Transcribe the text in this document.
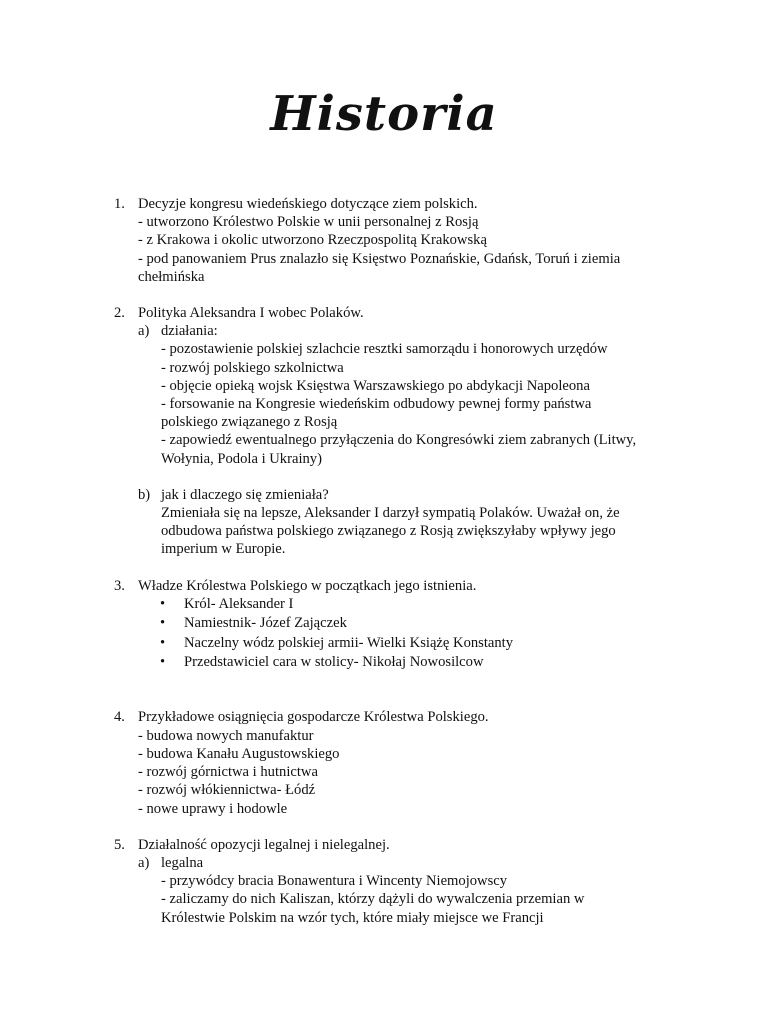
Historia
1. Decyzje kongresu wiedeńskiego dotyczące ziem polskich.
- utworzono Królestwo Polskie w unii personalnej z Rosją
- z Krakowa i okolic utworzono Rzeczpospolitą Krakowską
- pod panowaniem Prus znalazło się Księstwo Poznańskie, Gdańsk, Toruń i ziemia
chełmińska
2. Polityka Aleksandra I wobec Polaków.
a) działania:
- pozostawienie polskiej szlachcie resztki samorządu i honorowych urzędów
- rozwój polskiego szkolnictwa
- objęcie opieką wojsk Księstwa Warszawskiego po abdykacji Napoleona
- forsowanie na Kongresie wiedeńskim odbudowy pewnej formy państwa
polskiego związanego z Rosją
- zapowiedź ewentualnego przyłączenia do Kongresówki ziem zabranych (Litwy,
Wołynia, Podola i Ukrainy)
b) jak i dlaczego się zmieniała?
Zmieniała się na lepsze, Aleksander I darzył sympatią Polaków. Uważał on, że
odbudowa państwa polskiego związanego z Rosją zwiększyłaby wpływy jego
imperium w Europie.
3. Władze Królestwa Polskiego w początkach jego istnienia.
• Król- Aleksander I
• Namiestnik- Józef Zajączek
• Naczelny wódz polskiej armii- Wielki Książę Konstanty
• Przedstawiciel cara w stolicy- Nikołaj Nowosilcow
4. Przykładowe osiągnięcia gospodarcze Królestwa Polskiego.
- budowa nowych manufaktur
- budowa Kanału Augustowskiego
- rozwój górnictwa i hutnictwa
- rozwój włókiennictwa- Łódź
- nowe uprawy i hodowle
5. Działalność opozycji legalnej i nielegalnej.
a) legalna
- przywódcy bracia Bonawentura i Wincenty Niemojowscy
- zaliczamy do nich Kaliszan, którzy dążyli do wywalczenia przemian w
Królestwie Polskim na wzór tych, które miały miejsce we Francji
